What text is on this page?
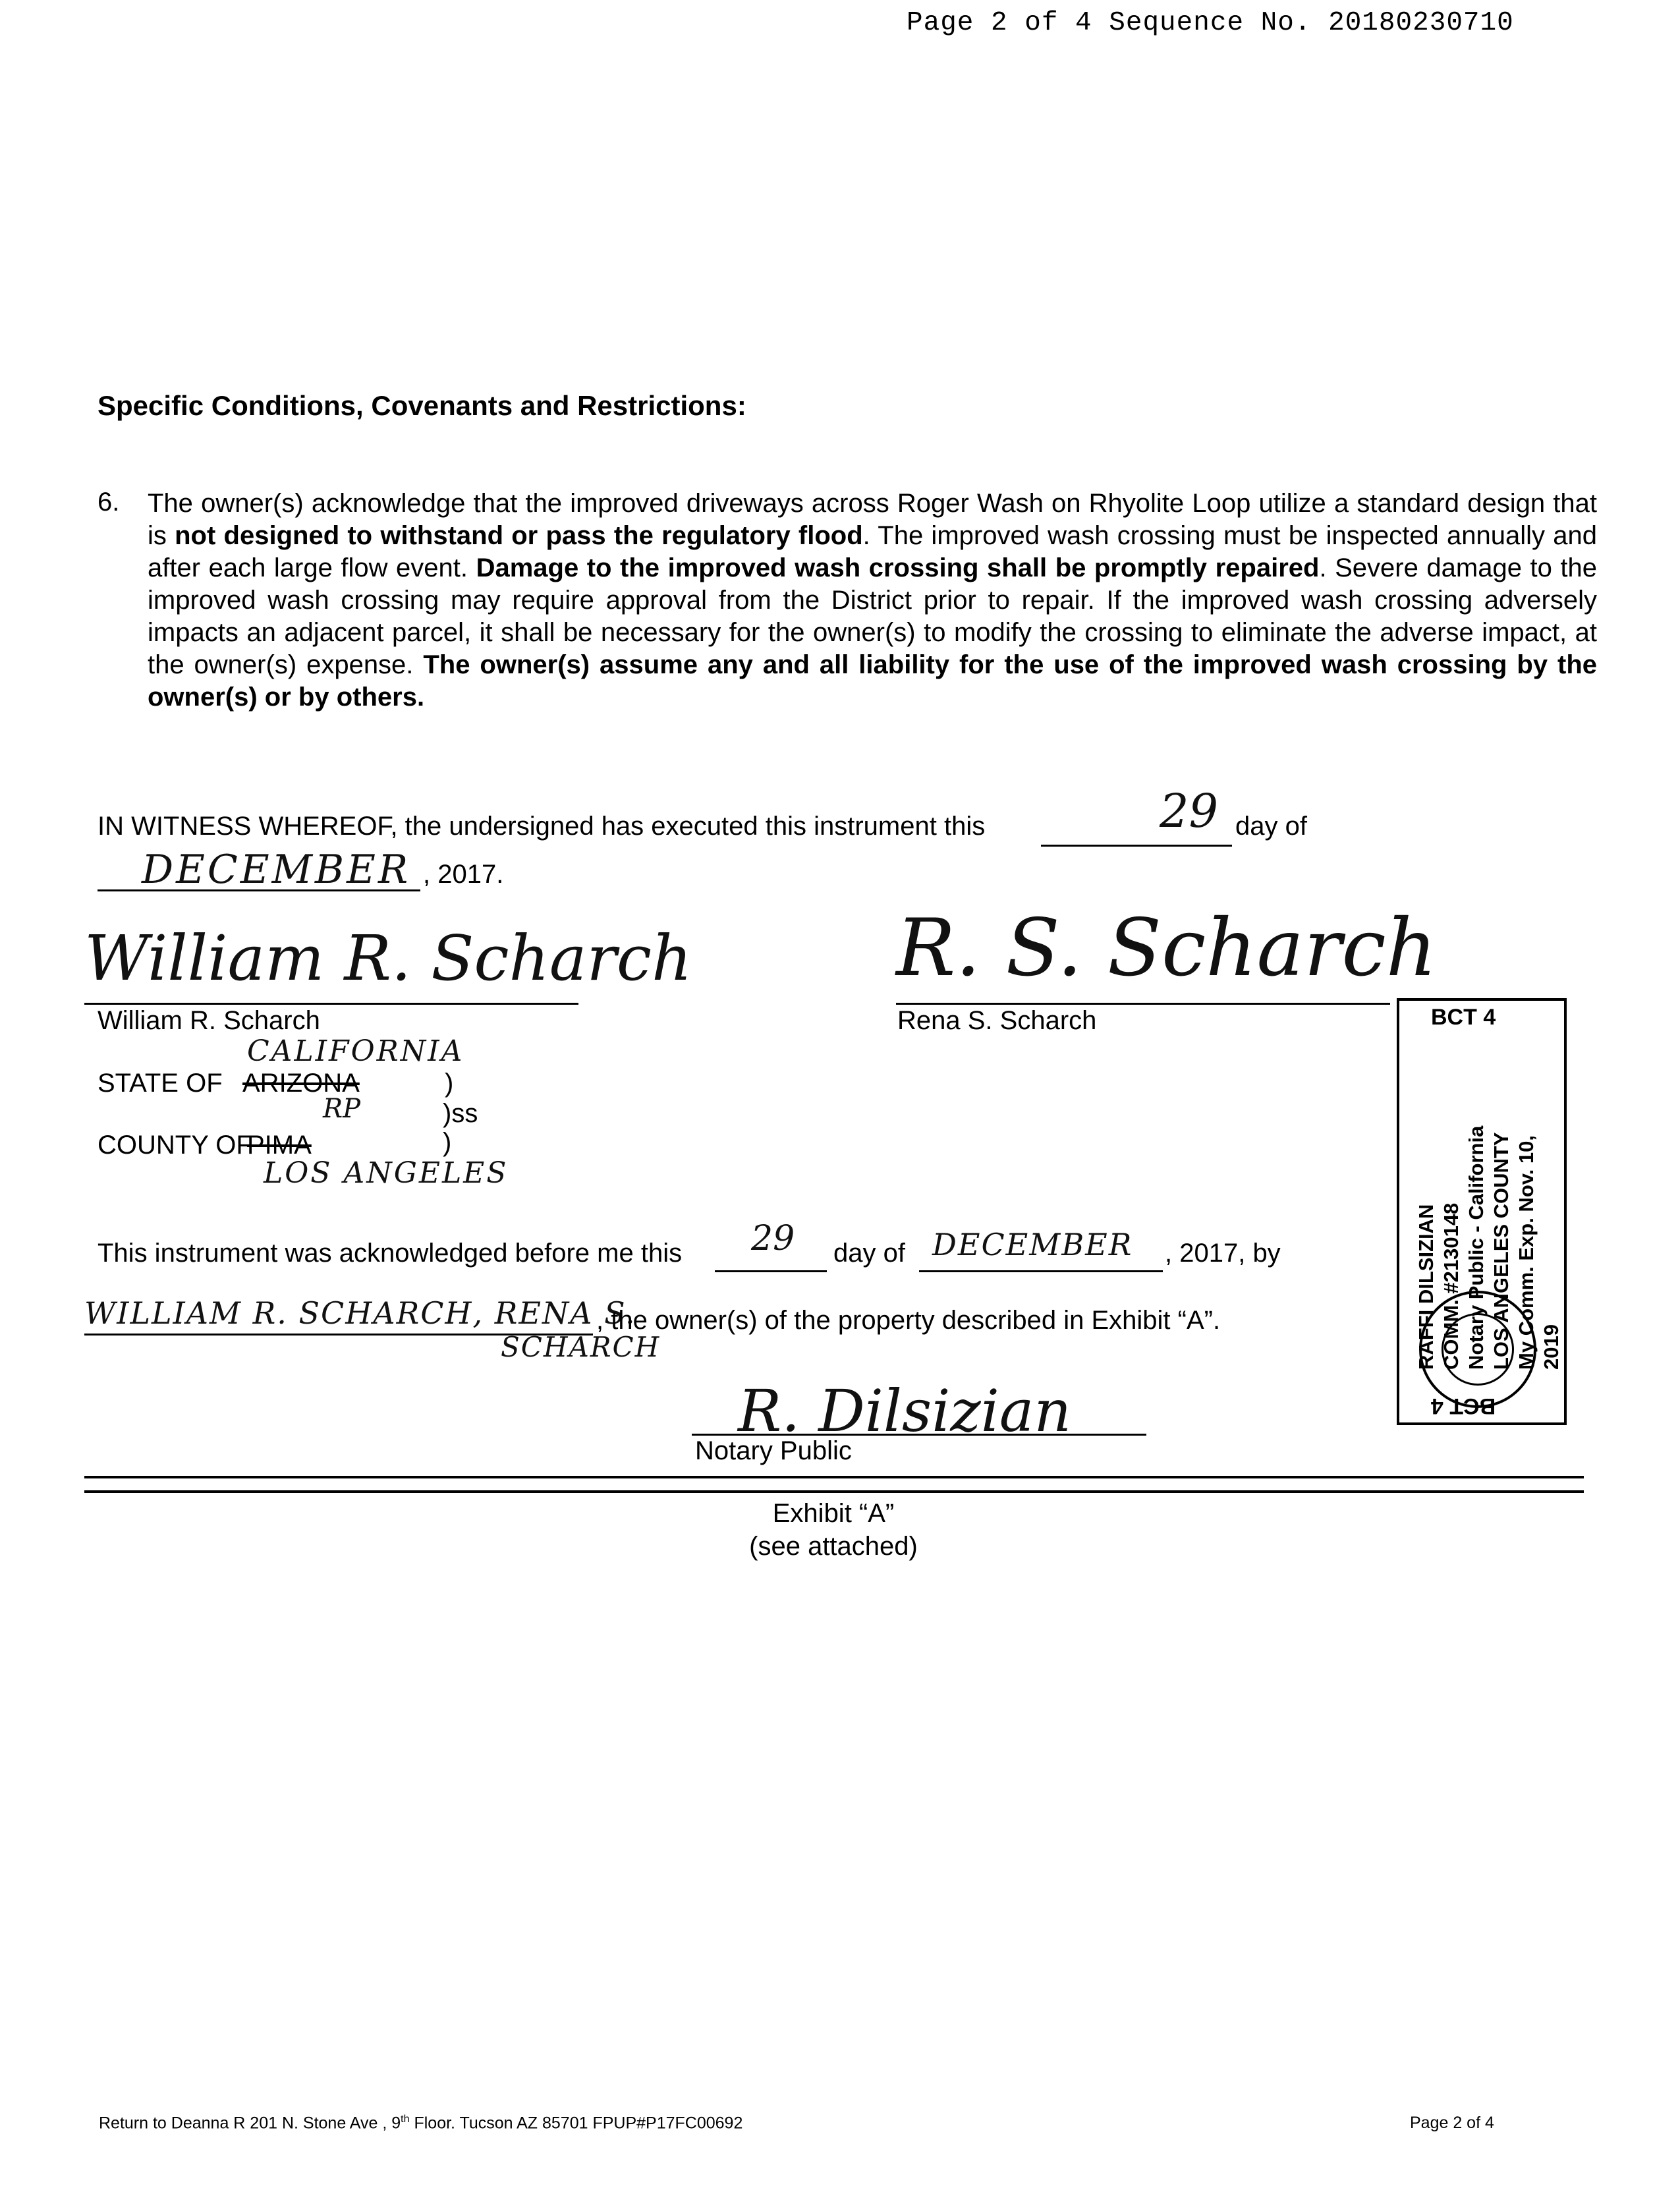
Page 2 of 4 Sequence No. 20180230710
Specific Conditions, Covenants and Restrictions:
6. The owner(s) acknowledge that the improved driveways across Roger Wash on Rhyolite Loop utilize a standard design that is not designed to withstand or pass the regulatory flood. The improved wash crossing must be inspected annually and after each large flow event. Damage to the improved wash crossing shall be promptly repaired. Severe damage to the improved wash crossing may require approval from the District prior to repair. If the improved wash crossing adversely impacts an adjacent parcel, it shall be necessary for the owner(s) to modify the crossing to eliminate the adverse impact, at the owner(s) expense. The owner(s) assume any and all liability for the use of the improved wash crossing by the owner(s) or by others.
IN WITNESS WHEREOF, the undersigned has executed this instrument this	29 day of
DECEMBER , 2017.
William R. Scharch
William R. Scharch
R. S. Scharch
Rena S. Scharch
CALIFORNIA
STATE OF ARIZONA	)
RP	)ss
COUNTY OF
PIMA	)
LOS ANGELES
This instrument was acknowledged before me this 29 day of DECEMBER , 2017, by
WILLIAM R. SCHARCH, RENA S.
, the owner(s) of the property described in Exhibit “A”.
SCHARCH
R. Dilsizian
Notary Public
BCT 4
RAFFI DILSIZIAN COMM. #2130148 Notary Public - California LOS ANGELES COUNTY My Comm. Exp. Nov. 10, 2019
BCT 4
Exhibit “A”
(see attached)
Return to Deanna R 201 N. Stone Ave , 9th Floor. Tucson AZ 85701 FPUP#P17FC00692	Page 2 of 4
